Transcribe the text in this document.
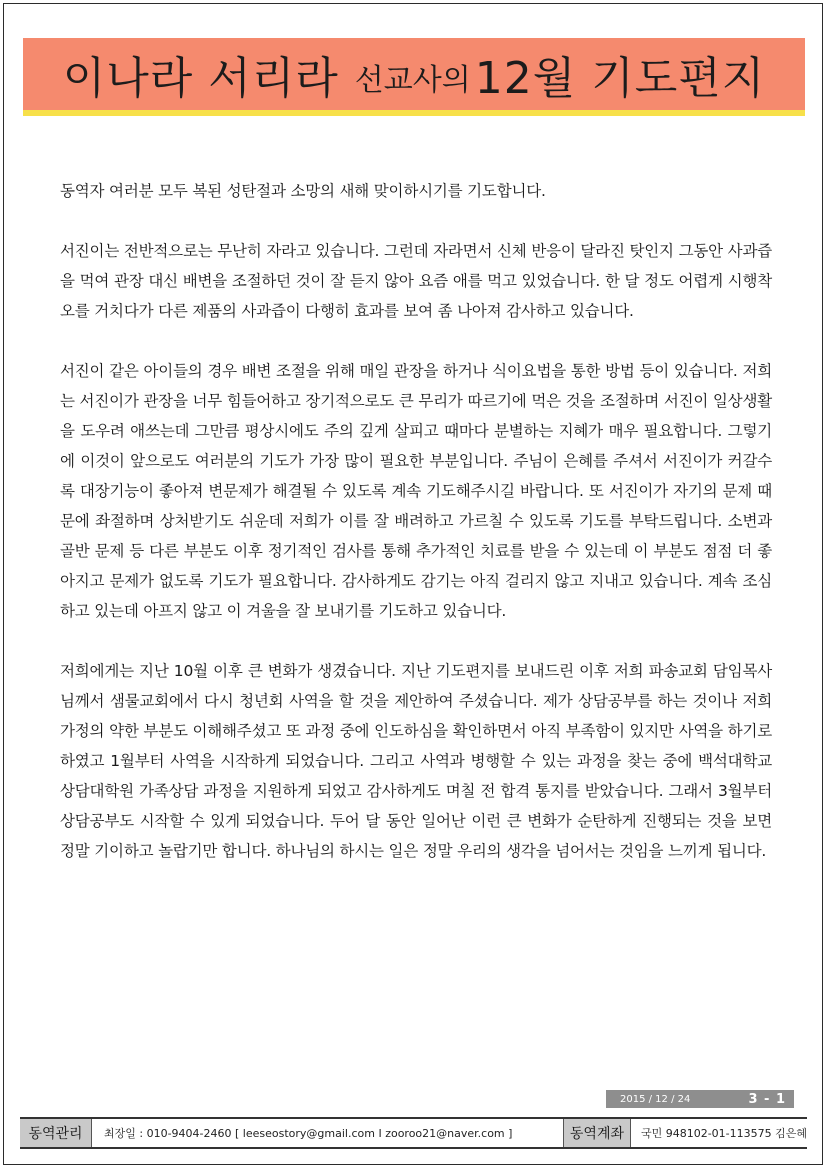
이나라 서리라 선교사의 12월 기도편지

동역자 여러분 모두 복된 성탄절과 소망의 새해 맞이하시기를 기도합니다.

서진이는 전반적으로는 무난히 자라고 있습니다. 그런데 자라면서 신체 반응이 달라진 탓인지 그동안 사과즙을 먹여 관장 대신 배변을 조절하던 것이 잘 듣지 않아 요즘 애를 먹고 있었습니다. 한 달 정도 어렵게 시행착오를 거치다가 다른 제품의 사과즙이 다행히 효과를 보여 좀 나아져 감사하고 있습니다.

서진이 같은 아이들의 경우 배변 조절을 위해 매일 관장을 하거나 식이요법을 통한 방법 등이 있습니다. 저희는 서진이가 관장을 너무 힘들어하고 장기적으로도 큰 무리가 따르기에 먹은 것을 조절하며 서진이 일상생활을 도우려 애쓰는데 그만큼 평상시에도 주의 깊게 살피고 때마다 분별하는 지혜가 매우 필요합니다. 그렇기에 이것이 앞으로도 여러분의 기도가 가장 많이 필요한 부분입니다. 주님이 은혜를 주셔서 서진이가 커갈수록 대장기능이 좋아져 변문제가 해결될 수 있도록 계속 기도해주시길 바랍니다. 또 서진이가 자기의 문제 때문에 좌절하며 상처받기도 쉬운데 저희가 이를 잘 배려하고 가르칠 수 있도록 기도를 부탁드립니다. 소변과 골반 문제 등 다른 부분도 이후 정기적인 검사를 통해 추가적인 치료를 받을 수 있는데 이 부분도 점점 더 좋아지고 문제가 없도록 기도가 필요합니다. 감사하게도 감기는 아직 걸리지 않고 지내고 있습니다. 계속 조심하고 있는데 아프지 않고 이 겨울을 잘 보내기를 기도하고 있습니다.

저희에게는 지난 10월 이후 큰 변화가 생겼습니다. 지난 기도편지를 보내드린 이후 저희 파송교회 담임목사님께서 샘물교회에서 다시 청년회 사역을 할 것을 제안하여 주셨습니다. 제가 상담공부를 하는 것이나 저희 가정의 약한 부분도 이해해주셨고 또 과정 중에 인도하심을 확인하면서 아직 부족함이 있지만 사역을 하기로 하였고 1월부터 사역을 시작하게 되었습니다. 그리고 사역과 병행할 수 있는 과정을 찾는 중에 백석대학교 상담대학원 가족상담 과정을 지원하게 되었고 감사하게도 며칠 전 합격 통지를 받았습니다. 그래서 3월부터 상담공부도 시작할 수 있게 되었습니다. 두어 달 동안 일어난 이런 큰 변화가 순탄하게 진행되는 것을 보면 정말 기이하고 놀랍기만 합니다. 하나님의 하시는 일은 정말 우리의 생각을 넘어서는 것임을 느끼게 됩니다.

2015 / 12 / 24	3 - 1
동역관리	최장일 : 010-9404-2460 [ leeseostory@gmail.com I zooroo21@naver.com ]	동역계좌	국민 948102-01-113575 김은혜
